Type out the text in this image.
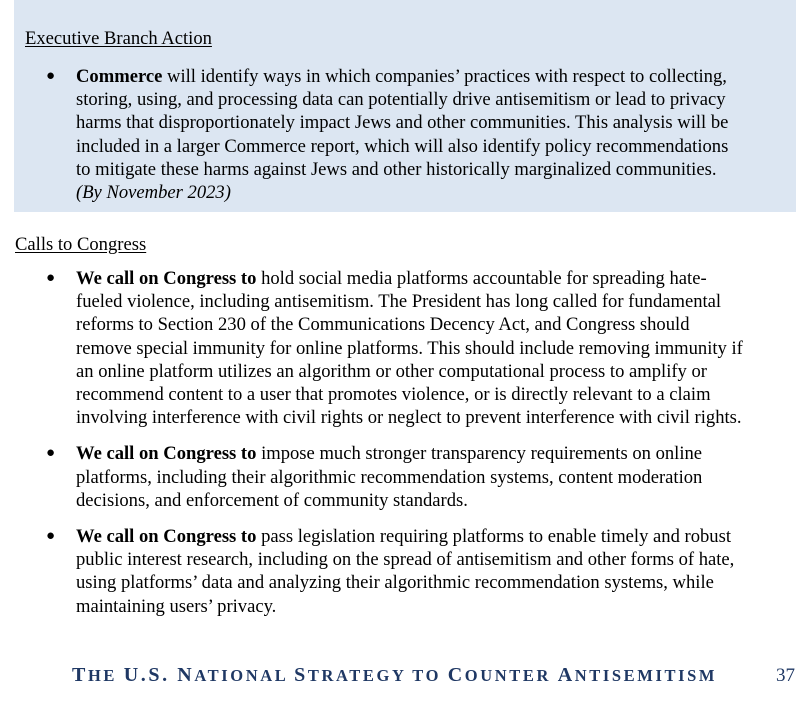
Executive Branch Action
● Commerce will identify ways in which companies’ practices with respect to collecting,
storing, using, and processing data can potentially drive antisemitism or lead to privacy
harms that disproportionately impact Jews and other communities. This analysis will be
included in a larger Commerce report, which will also identify policy recommendations
to mitigate these harms against Jews and other historically marginalized communities.
(By November 2023)
Calls to Congress
● We call on Congress to hold social media platforms accountable for spreading hate-
fueled violence, including antisemitism. The President has long called for fundamental
reforms to Section 230 of the Communications Decency Act, and Congress should
remove special immunity for online platforms. This should include removing immunity if
an online platform utilizes an algorithm or other computational process to amplify or
recommend content to a user that promotes violence, or is directly relevant to a claim
involving interference with civil rights or neglect to prevent interference with civil rights.
● We call on Congress to impose much stronger transparency requirements on online
platforms, including their algorithmic recommendation systems, content moderation
decisions, and enforcement of community standards.
● We call on Congress to pass legislation requiring platforms to enable timely and robust
public interest research, including on the spread of antisemitism and other forms of hate,
using platforms’ data and analyzing their algorithmic recommendation systems, while
maintaining users’ privacy.
THE U.S. NATIONAL STRATEGY TO COUNTER ANTISEMITISM	37
